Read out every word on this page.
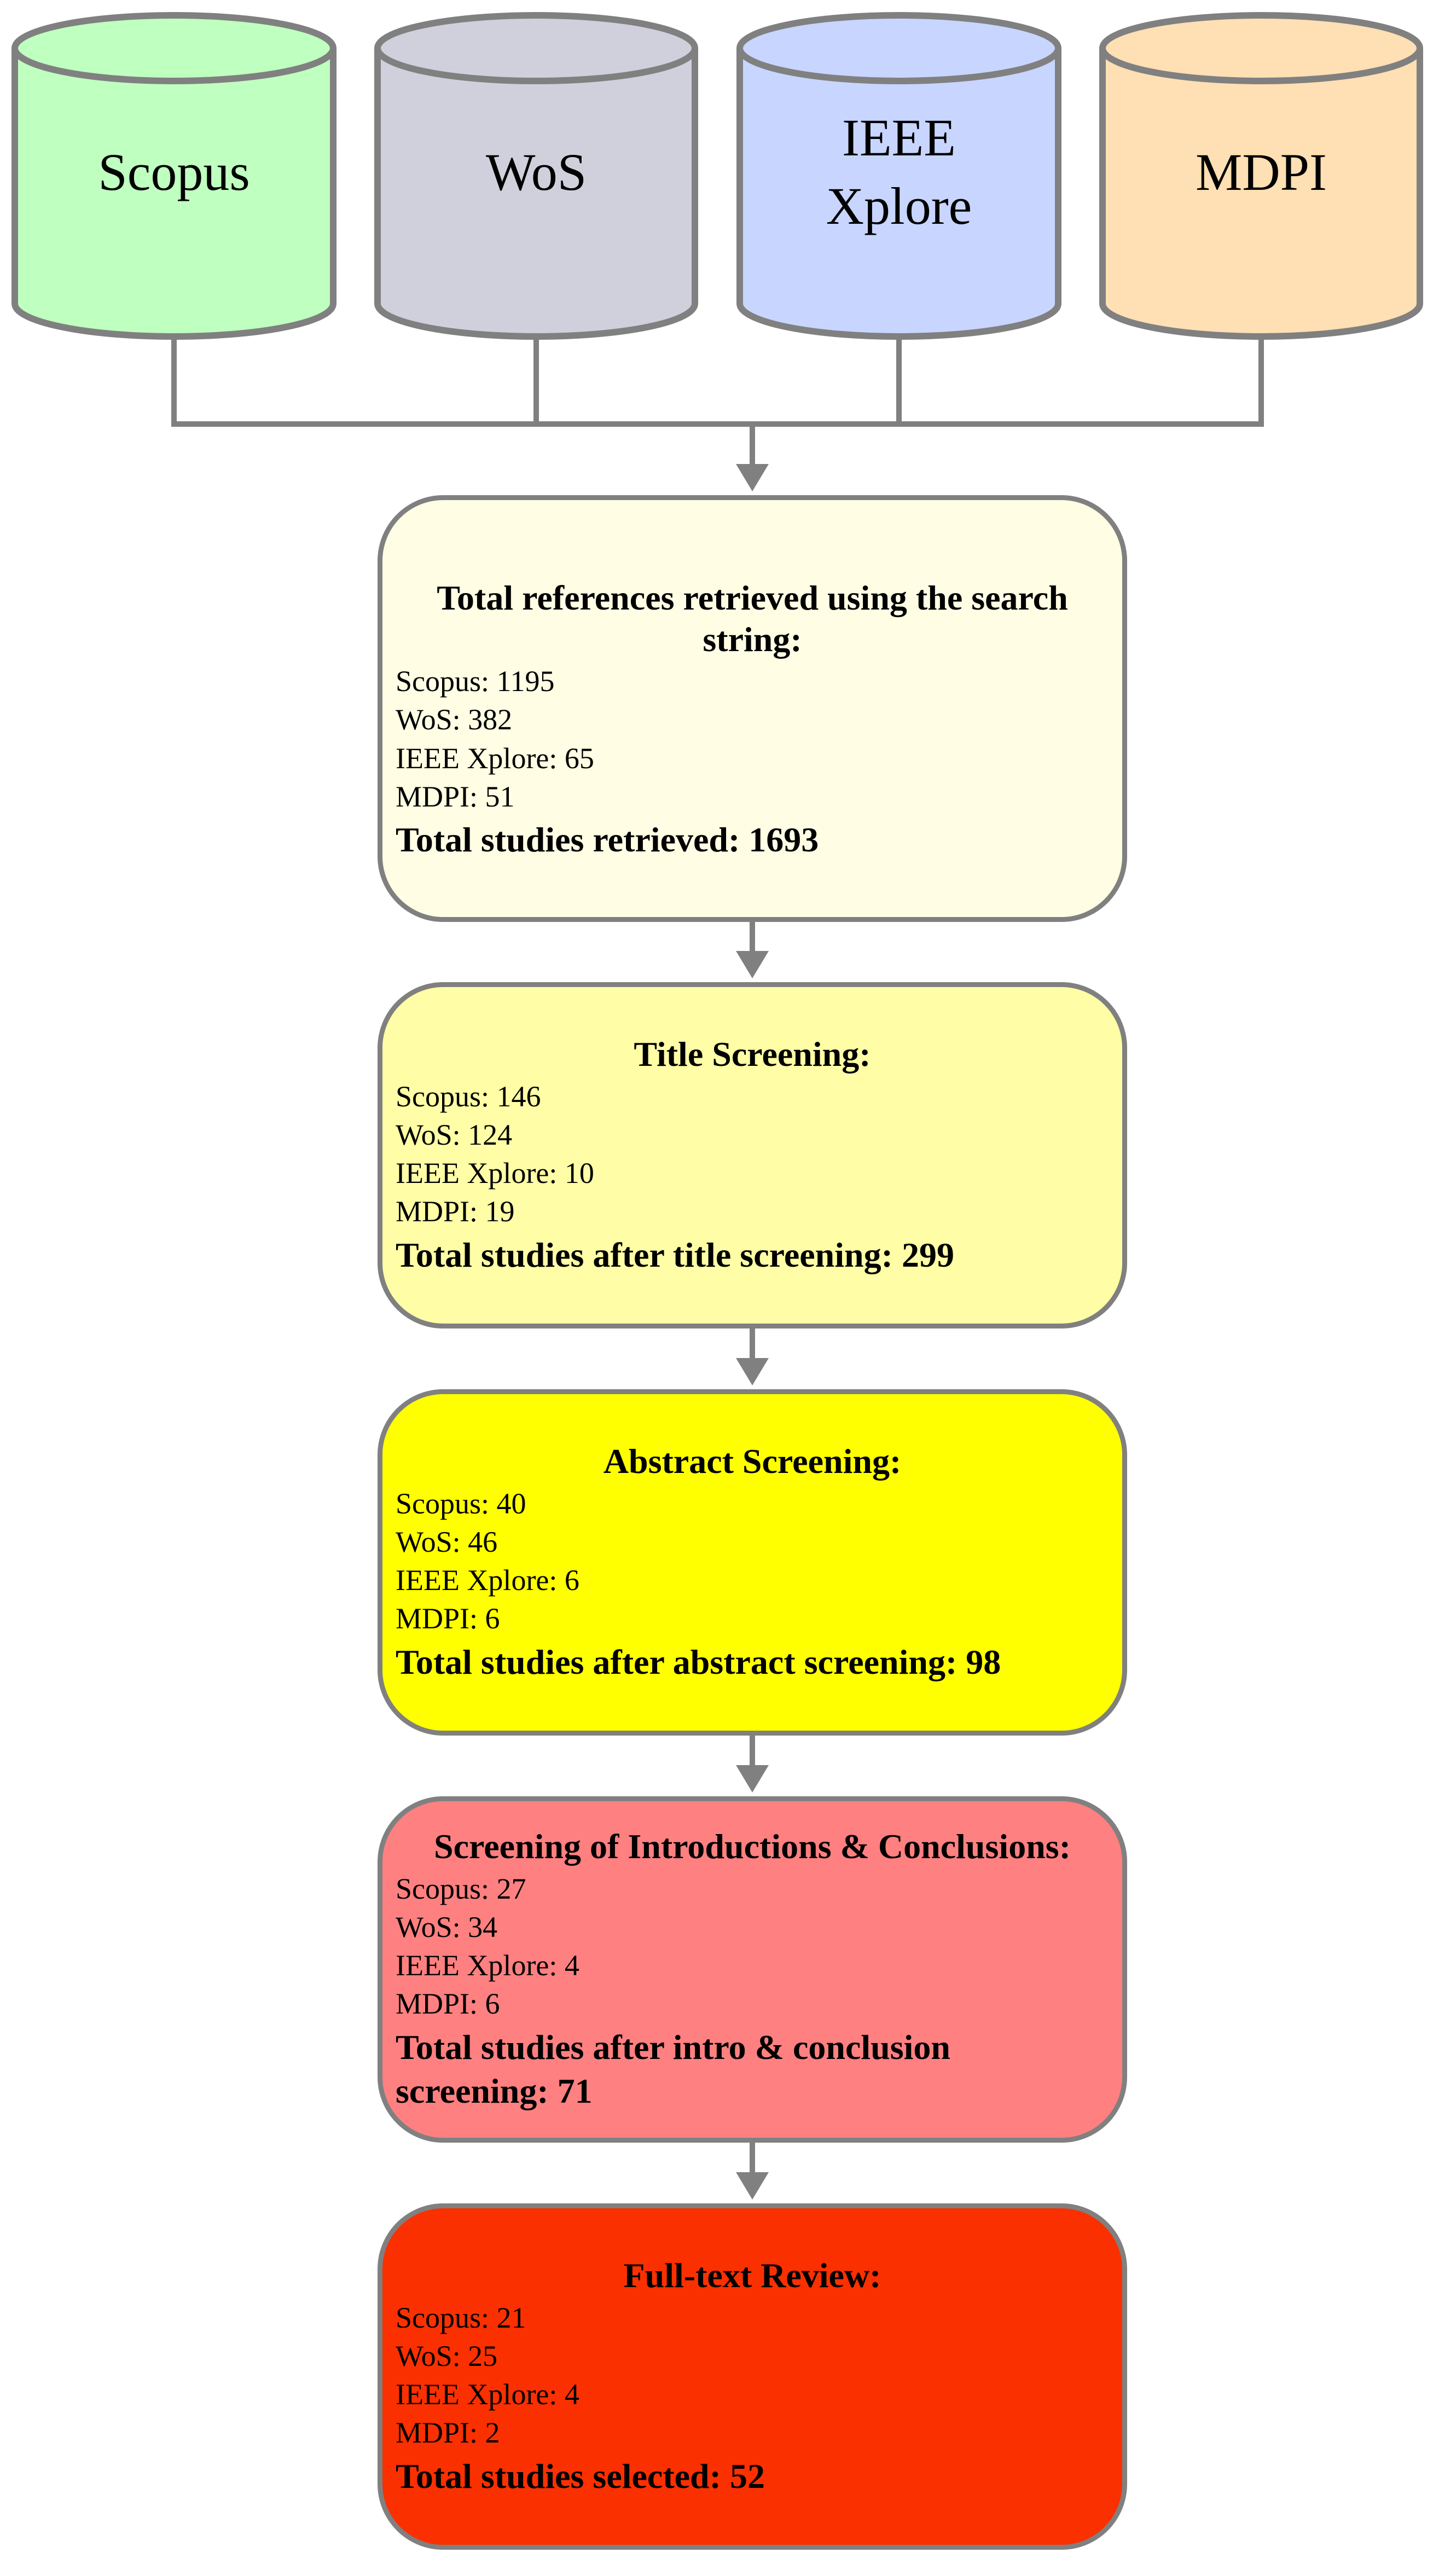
Scopus	WoS
IEEE
Xplore
MDPI
Total references retrieved using the search string:
Scopus: 1195
WoS: 382
IEEE Xplore: 65
MDPI: 51
Total studies retrieved: 1693
Title Screening:
Scopus: 146
WoS: 124
IEEE Xplore: 10
MDPI: 19
Total studies after title screening: 299
Abstract Screening:
Scopus: 40
WoS: 46
IEEE Xplore: 6
MDPI: 6
Total studies after abstract screening: 98
Screening of Introductions & Conclusions:
Scopus: 27
WoS: 34
IEEE Xplore: 4
MDPI: 6
Total studies after intro & conclusion screening: 71
Full-text Review:
Scopus: 21
WoS: 25
IEEE Xplore: 4
MDPI: 2
Total studies selected: 52
